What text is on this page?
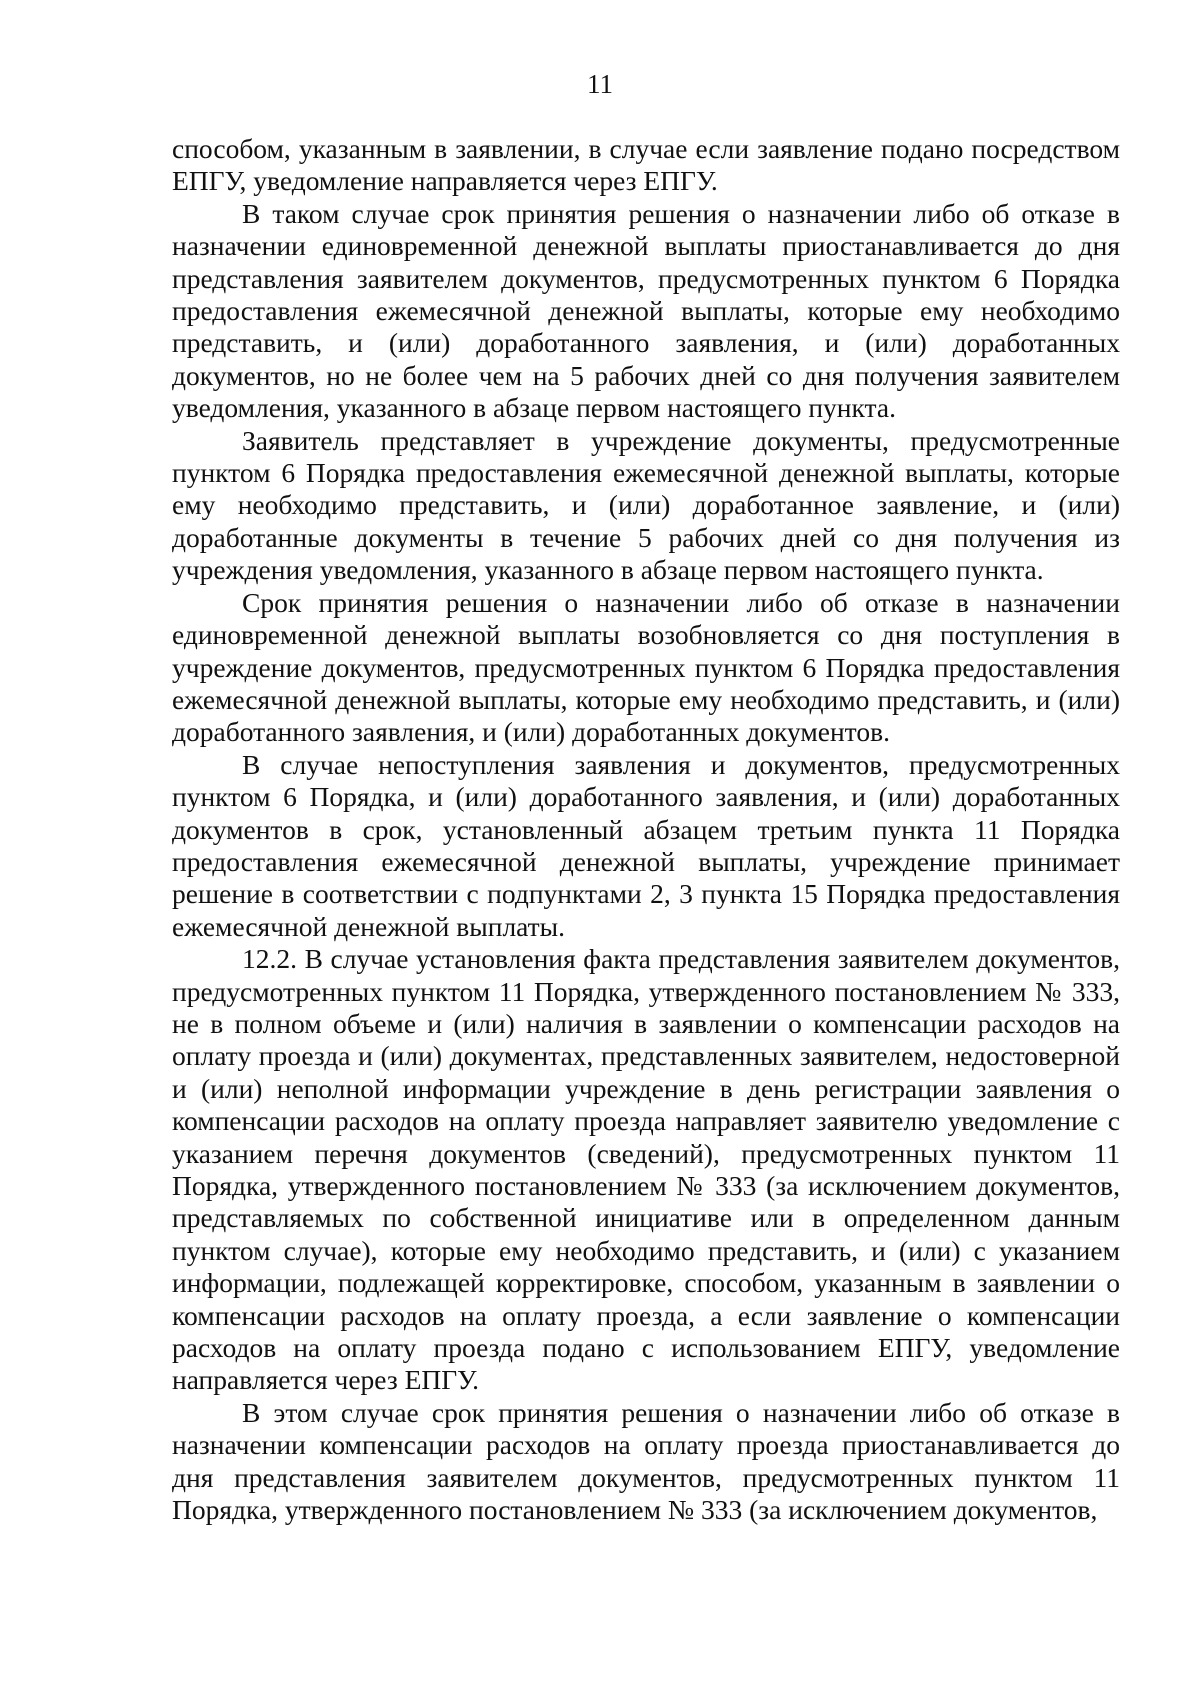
11

способом, указанным в заявлении, в случае если заявление подано посредством ЕПГУ, уведомление направляется через ЕПГУ.

В таком случае срок принятия решения о назначении либо об отказе в назначении единовременной денежной выплаты приостанавливается до дня представления заявителем документов, предусмотренных пунктом 6 Порядка предоставления ежемесячной денежной выплаты, которые ему необходимо представить, и (или) доработанного заявления, и (или) доработанных документов, но не более чем на 5 рабочих дней со дня получения заявителем уведомления, указанного в абзаце первом настоящего пункта.

Заявитель представляет в учреждение документы, предусмотренные пунктом 6 Порядка предоставления ежемесячной денежной выплаты, которые ему необходимо представить, и (или) доработанное заявление, и (или) доработанные документы в течение 5 рабочих дней со дня получения из учреждения уведомления, указанного в абзаце первом настоящего пункта.

Срок принятия решения о назначении либо об отказе в назначении единовременной денежной выплаты возобновляется со дня поступления в учреждение документов, предусмотренных пунктом 6 Порядка предоставления ежемесячной денежной выплаты, которые ему необходимо представить, и (или) доработанного заявления, и (или) доработанных документов.

В случае непоступления заявления и документов, предусмотренных пунктом 6 Порядка, и (или) доработанного заявления, и (или) доработанных документов в срок, установленный абзацем третьим пункта 11 Порядка предоставления ежемесячной денежной выплаты, учреждение принимает решение в соответствии с подпунктами 2, 3 пункта 15 Порядка предоставления ежемесячной денежной выплаты.

12.2. В случае установления факта представления заявителем документов, предусмотренных пунктом 11 Порядка, утвержденного постановлением № 333, не в полном объеме и (или) наличия в заявлении о компенсации расходов на оплату проезда и (или) документах, представленных заявителем, недостоверной и (или) неполной информации учреждение в день регистрации заявления о компенсации расходов на оплату проезда направляет заявителю уведомление с указанием перечня документов (сведений), предусмотренных пунктом 11 Порядка, утвержденного постановлением № 333 (за исключением документов, представляемых по собственной инициативе или в определенном данным пунктом случае), которые ему необходимо представить, и (или) с указанием информации, подлежащей корректировке, способом, указанным в заявлении о компенсации расходов на оплату проезда, а если заявление о компенсации расходов на оплату проезда подано с использованием ЕПГУ, уведомление направляется через ЕПГУ.

В этом случае срок принятия решения о назначении либо об отказе в назначении компенсации расходов на оплату проезда приостанавливается до дня представления заявителем документов, предусмотренных пунктом 11 Порядка, утвержденного постановлением № 333 (за исключением документов,
